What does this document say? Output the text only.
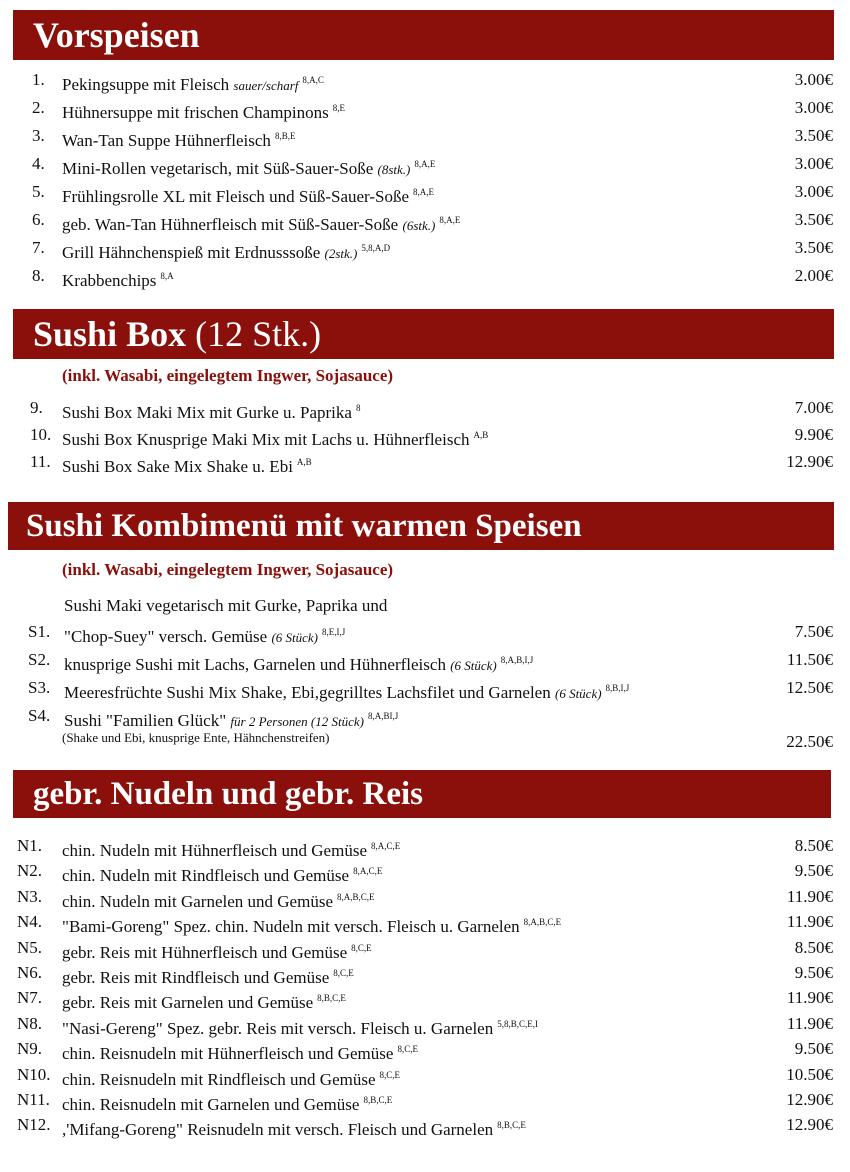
Vorspeisen
1. Pekingsuppe mit Fleisch sauer/scharf $^{8,A,C}$	3.00€
2. Hühnersuppe mit frischen Champinons $^{8,E}$	3.00€
3. Wan-Tan Suppe Hühnerfleisch $^{8,B,E}$	3.50€
4. Mini-Rollen vegetarisch, mit Süß-Sauer-Soße (8stk.) $^{8,A,E}$	3.00€
5. Frühlingsrolle XL mit Fleisch und Süß-Sauer-Soße $^{8,A,E}$	3.00€
6. geb. Wan-Tan Hühnerfleisch mit Süß-Sauer-Soße (6stk.) $^{8,A,E}$	3.50€
7. Grill Hähnchenspieß mit Erdnusssoße (2stk.) $^{5,8,A,D}$	3.50€
8. Krabbenchips $^{8,A}$	2.00€
Sushi Box (12 Stk.)
(inkl. Wasabi, eingelegtem Ingwer, Sojasauce)
9. Sushi Box Maki Mix mit Gurke u. Paprika $^8$	7.00€
10. Sushi Box Knusprige Maki Mix mit Lachs u. Hühnerfleisch $^{A,B}$	9.90€
11. Sushi Box Sake Mix Shake u. Ebi $^{A,B}$	12.90€
Sushi Kombimenü mit warmen Speisen
(inkl. Wasabi, eingelegtem Ingwer, Sojasauce)
Sushi Maki vegetarisch mit Gurke, Paprika und
S1. "Chop-Suey" versch. Gemüse (6 Stück) $^{8,E,I,J}$	7.50€
S2. knusprige Sushi mit Lachs, Garnelen und Hühnerfleisch (6 Stück) $^{8,A,B,I,J}$	11.50€
S3. Meeresfrüchte Sushi Mix Shake, Ebi,gegrilltes Lachsfilet und Garnelen (6 Stück) $^{8,B,I,J}$	12.50€
S4. Sushi "Familien Glück" für 2 Personen (12 Stück) $^{8,A,BI,J}$
(Shake und Ebi, knusprige Ente, Hähnchenstreifen)	22.50€
gebr. Nudeln und gebr. Reis
N1. chin. Nudeln mit Hühnerfleisch und Gemüse $^{8,A,C,E}$	8.50€
N2. chin. Nudeln mit Rindfleisch und Gemüse $^{8,A,C,E}$	9.50€
N3. chin. Nudeln mit Garnelen und Gemüse $^{8,A,B,C,E}$	11.90€
N4. "Bami-Goreng" Spez. chin. Nudeln mit versch. Fleisch u. Garnelen $^{8,A,B,C,E}$	11.90€
N5. gebr. Reis mit Hühnerfleisch und Gemüse $^{8,C,E}$	8.50€
N6. gebr. Reis mit Rindfleisch und Gemüse $^{8,C,E}$	9.50€
N7. gebr. Reis mit Garnelen und Gemüse $^{8,B,C,E}$	11.90€
N8. "Nasi-Gereng" Spez. gebr. Reis mit versch. Fleisch u. Garnelen $^{5,8,B,C,E,I}$	11.90€
N9. chin. Reisnudeln mit Hühnerfleisch und Gemüse $^{8,C,E}$	9.50€
N10. chin. Reisnudeln mit Rindfleisch und Gemüse $^{8,C,E}$	10.50€
N11. chin. Reisnudeln mit Garnelen und Gemüse $^{8,B,C,E}$	12.90€
N12. ,'Mifang-Goreng" Reisnudeln mit versch. Fleisch und Garnelen $^{8,B,C,E}$	12.90€
